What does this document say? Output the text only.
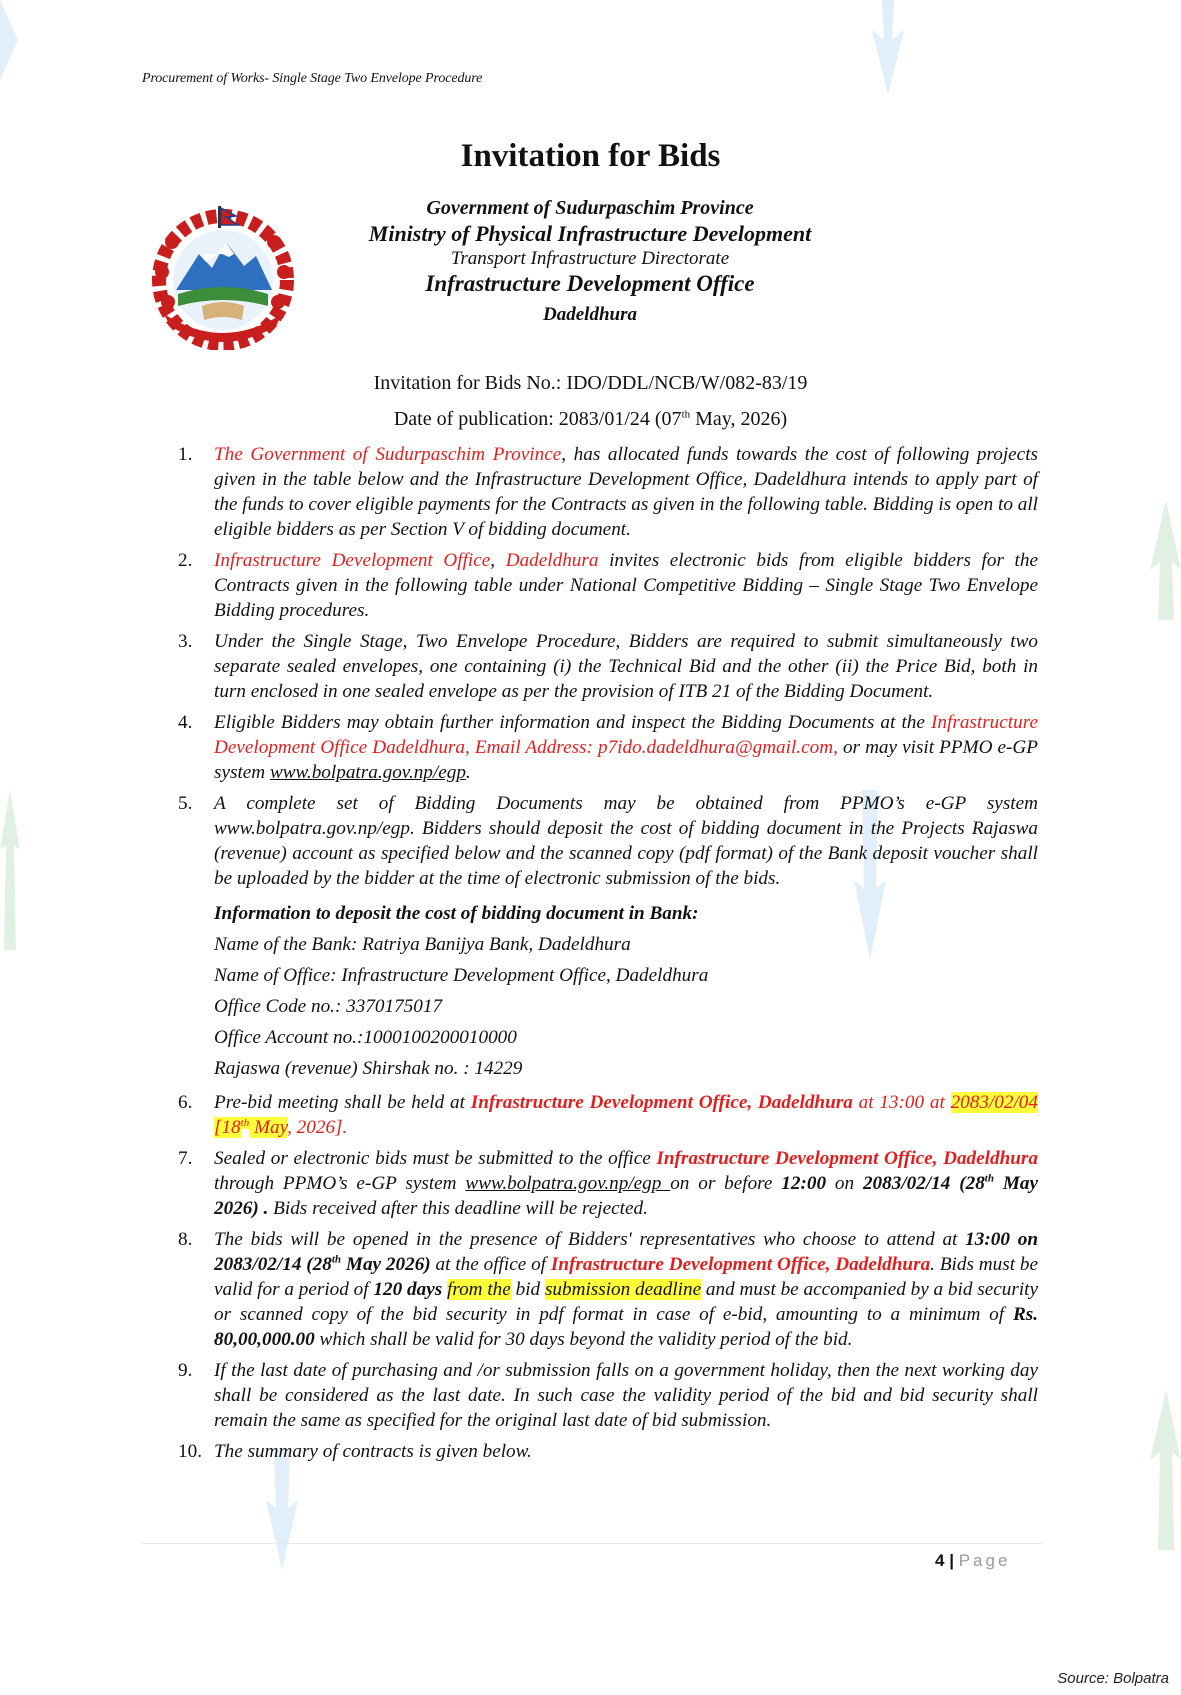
Procurement of Works- Single Stage Two Envelope Procedure
Invitation for Bids
Government of Sudurpaschim Province
Ministry of Physical Infrastructure Development
Transport Infrastructure Directorate
Infrastructure Development Office
Dadeldhura
Invitation for Bids No.: IDO/DDL/NCB/W/082-83/19
Date of publication: 2083/01/24 (07th May, 2026)
1.	The Government of Sudurpaschim Province, has allocated funds towards the cost of following projects given in the table below and the Infrastructure Development Office, Dadeldhura intends to apply part of the funds to cover eligible payments for the Contracts as given in the following table. Bidding is open to all eligible bidders as per Section V of bidding document.
2.	Infrastructure Development Office, Dadeldhura invites electronic bids from eligible bidders for the Contracts given in the following table under National Competitive Bidding – Single Stage Two Envelope Bidding procedures.
3.	Under the Single Stage, Two Envelope Procedure, Bidders are required to submit simultaneously two separate sealed envelopes, one containing (i) the Technical Bid and the other (ii) the Price Bid, both in turn enclosed in one sealed envelope as per the provision of ITB 21 of the Bidding Document.
4.	Eligible Bidders may obtain further information and inspect the Bidding Documents at the Infrastructure Development Office Dadeldhura, Email Address: p7ido.dadeldhura@gmail.com, or may visit PPMO e-GP system www.bolpatra.gov.np/egp.
5.	A complete set of Bidding Documents may be obtained from PPMO’s e-GP system www.bolpatra.gov.np/egp. Bidders should deposit the cost of bidding document in the Projects Rajaswa (revenue) account as specified below and the scanned copy (pdf format) of the Bank deposit voucher shall be uploaded by the bidder at the time of electronic submission of the bids.
Information to deposit the cost of bidding document in Bank:
Name of the Bank: Ratriya Banijya Bank, Dadeldhura
Name of Office: Infrastructure Development Office, Dadeldhura
Office Code no.: 3370175017
Office Account no.:1000100200010000
Rajaswa (revenue) Shirshak no. : 14229
6.	Pre-bid meeting shall be held at Infrastructure Development Office, Dadeldhura at 13:00 at 2083/02/04 [18th May, 2026].
7.	Sealed or electronic bids must be submitted to the office Infrastructure Development Office, Dadeldhura through PPMO’s e-GP system www.bolpatra.gov.np/egp on or before 12:00 on 2083/02/14 (28th May 2026) . Bids received after this deadline will be rejected.
8.	The bids will be opened in the presence of Bidders' representatives who choose to attend at 13:00 on 2083/02/14 (28th May 2026) at the office of Infrastructure Development Office, Dadeldhura. Bids must be valid for a period of 120 days from the bid submission deadline and must be accompanied by a bid security or scanned copy of the bid security in pdf format in case of e-bid, amounting to a minimum of Rs. 80,00,000.00 which shall be valid for 30 days beyond the validity period of the bid.
9.	If the last date of purchasing and /or submission falls on a government holiday, then the next working day shall be considered as the last date. In such case the validity period of the bid and bid security shall remain the same as specified for the original last date of bid submission.
10. The summary of contracts is given below.
4 | Page
Source: Bolpatra
